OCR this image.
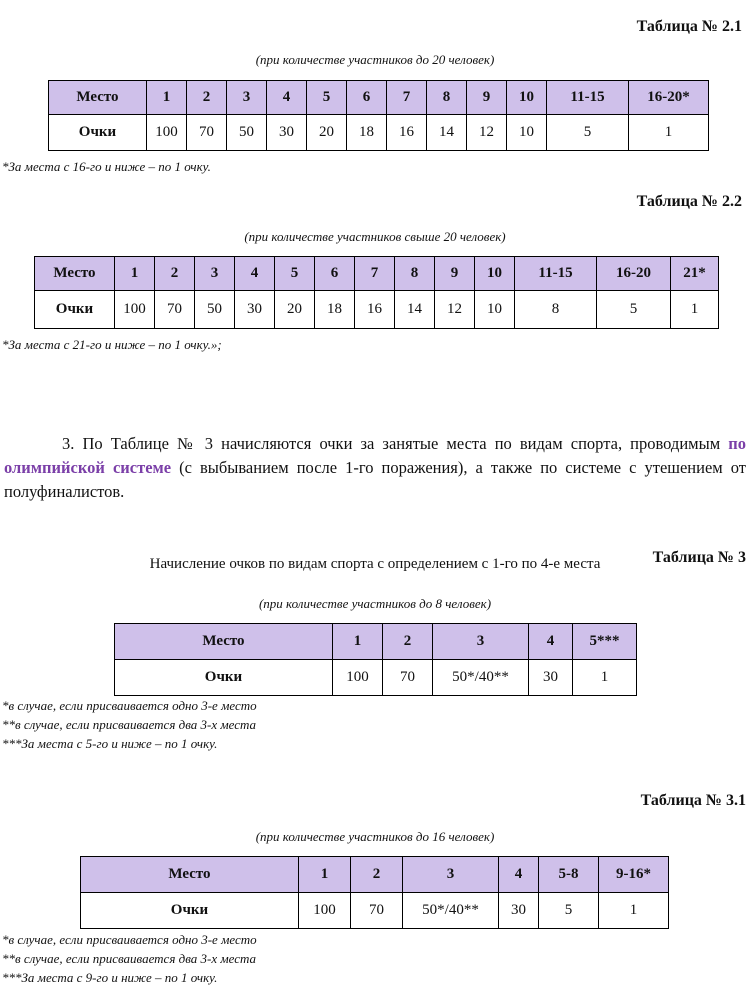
Таблица № 2.1
(при количестве участников до 20 человек)
Место	1	2	3	4	5	6	7	8	9	10	11-15	16-20*
Очки	100	70	50	30	20	18	16	14	12	10	5	1
*За места с 16-го и ниже – по 1 очку.
Таблица № 2.2
(при количестве участников свыше 20 человек)
Место	1	2	3	4	5	6	7	8	9	10	11-15	16-20	21*
Очки	100	70	50	30	20	18	16	14	12	10	8	5	1
*За места с 21-го и ниже – по 1 очку.»;
3. По Таблице № 3 начисляются очки за занятые места по видам спорта, проводимым по олимпийской системе (с выбыванием после 1-го поражения), а также по системе с утешением от полуфиналистов.
Таблица № 3
Начисление очков по видам спорта с определением с 1-го по 4-е места
(при количестве участников до 8 человек)
Место	1	2	3	4	5***
Очки	100	70	50*/40**	30	1
*в случае, если присваивается одно 3-е место
**в случае, если присваивается два 3-х места
***За места с 5-го и ниже – по 1 очку.
Таблица № 3.1
(при количестве участников до 16 человек)
Место	1	2	3	4	5-8	9-16*
Очки	100	70	50*/40**	30	5	1
*в случае, если присваивается одно 3-е место
**в случае, если присваивается два 3-х места
***За места с 9-го и ниже – по 1 очку.
